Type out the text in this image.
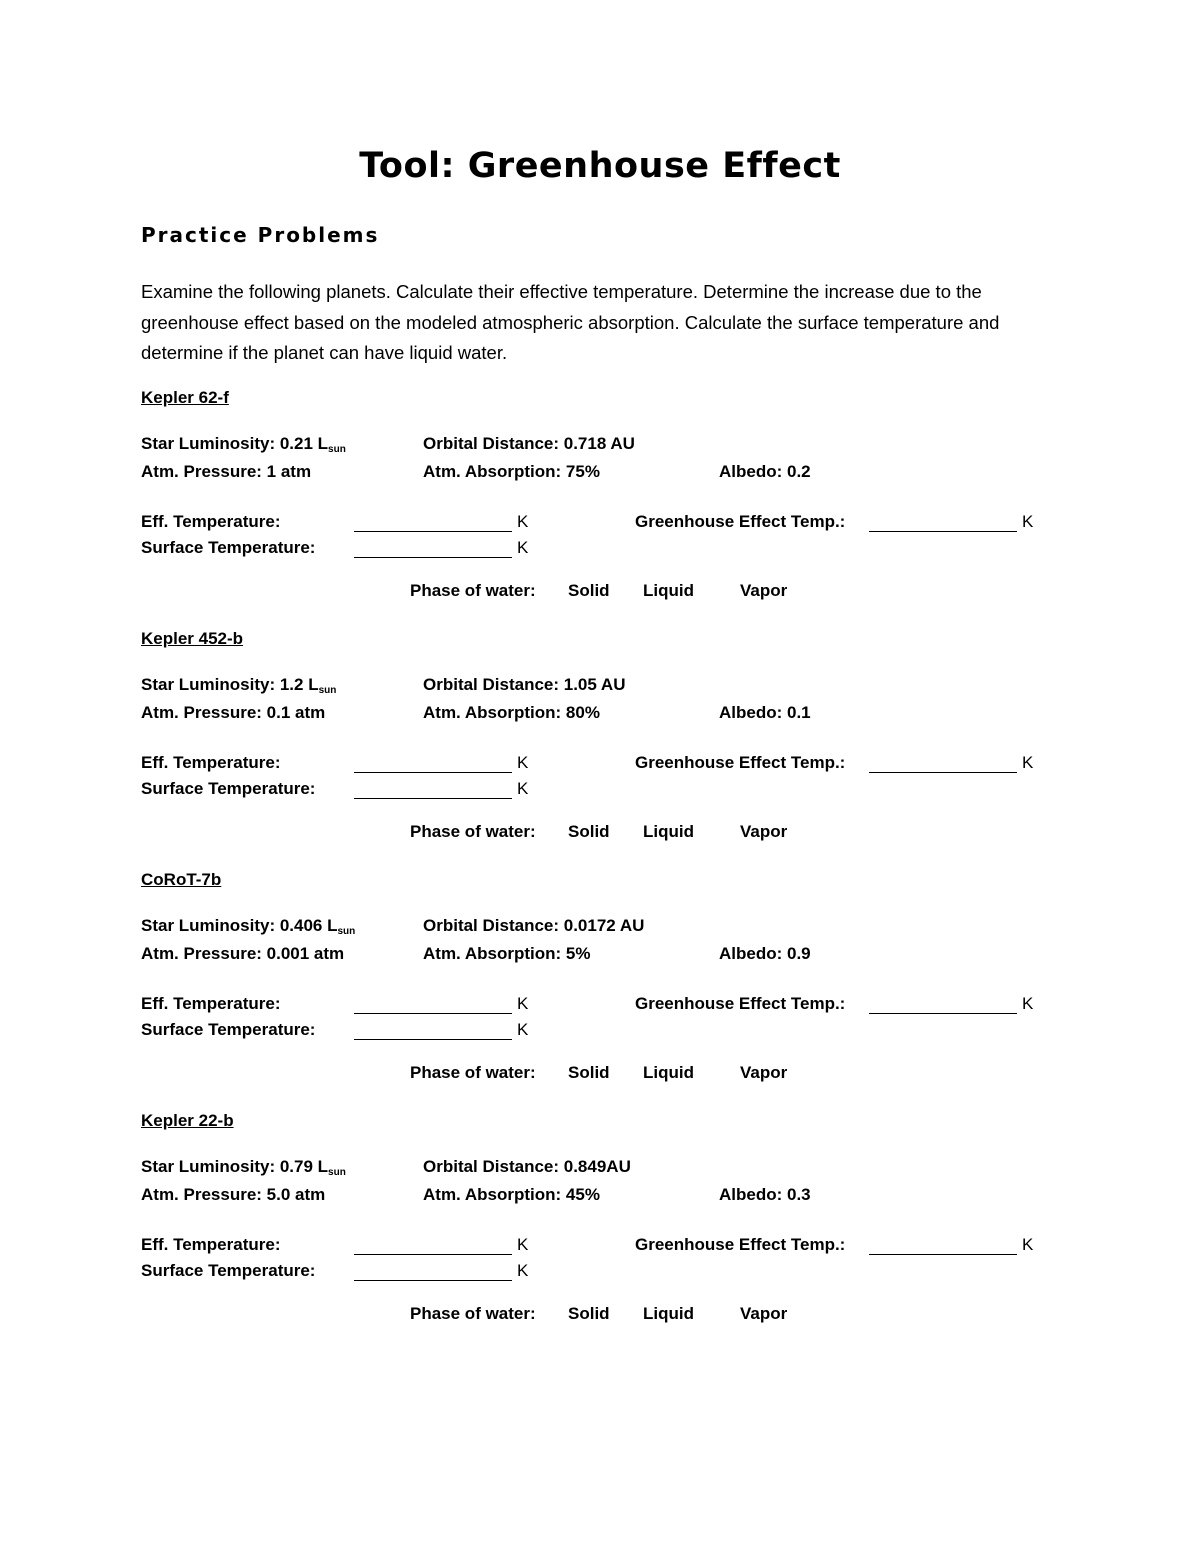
Tool: Greenhouse Effect
Practice Problems
Examine the following planets. Calculate their effective temperature. Determine the increase due to the greenhouse effect based on the modeled atmospheric absorption. Calculate the surface temperature and determine if the planet can have liquid water.
Kepler 62-f
Star Luminosity: 0.21 $L_{sun}$	Orbital Distance: 0.718 AU
Atm. Pressure: 1 atm	Atm. Absorption: 75%	Albedo: 0.2
Eff. Temperature:	K	Greenhouse Effect Temp.:	K
Surface Temperature:	K
Phase of water: Solid Liquid	Vapor
Kepler 452-b
Star Luminosity: 1.2 $L_{sun}$	Orbital Distance: 1.05 AU
Atm. Pressure: 0.1 atm	Atm. Absorption: 80%	Albedo: 0.1
Eff. Temperature:	K	Greenhouse Effect Temp.:	K
Surface Temperature:	K
Phase of water: Solid Liquid	Vapor
CoRoT-7b
Star Luminosity: 0.406 $L_{sun}$	Orbital Distance: 0.0172 AU
Atm. Pressure: 0.001 atm	Atm. Absorption: 5%	Albedo: 0.9
Eff. Temperature:	K	Greenhouse Effect Temp.:	K
Surface Temperature:	K
Phase of water: Solid Liquid	Vapor
Kepler 22-b
Star Luminosity: 0.79 $L_{sun}$	Orbital Distance: 0.849AU
Atm. Pressure: 5.0 atm	Atm. Absorption: 45%	Albedo: 0.3
Eff. Temperature:	K	Greenhouse Effect Temp.:	K
Surface Temperature:	K
Phase of water: Solid Liquid	Vapor
